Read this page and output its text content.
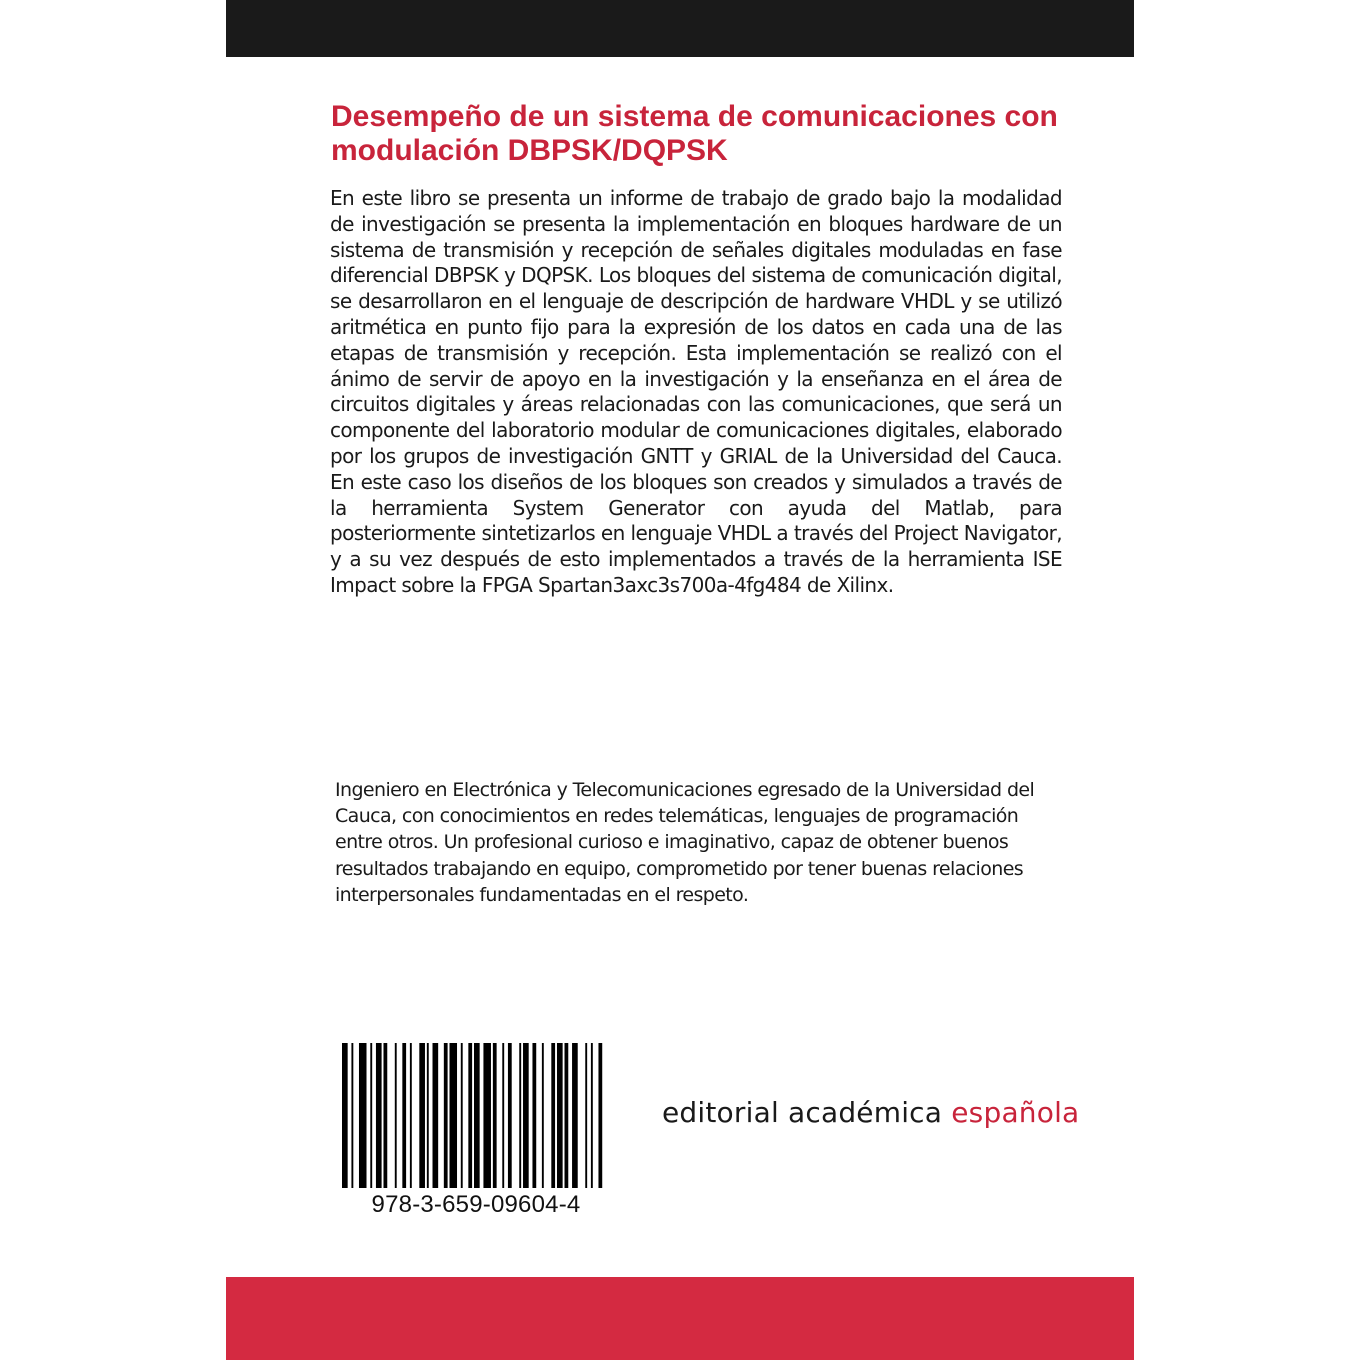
Desempeño de un sistema de comunicaciones con modulación DBPSK/DQPSK

En este libro se presenta un informe de trabajo de grado bajo la modalidad de investigación se presenta la implementación en bloques hardware de un sistema de transmisión y recepción de señales digitales moduladas en fase diferencial DBPSK y DQPSK. Los bloques del sistema de comunicación digital, se desarrollaron en el lenguaje de descripción de hardware VHDL y se utilizó aritmética en punto fijo para la expresión de los datos en cada una de las etapas de transmisión y recepción. Esta implementación se realizó con el ánimo de servir de apoyo en la investigación y la enseñanza en el área de circuitos digitales y áreas relacionadas con las comunicaciones, que será un componente del laboratorio modular de comunicaciones digitales, elaborado por los grupos de investigación GNTT y GRIAL de la Universidad del Cauca. En este caso los diseños de los bloques son creados y simulados a través de la herramienta System Generator con ayuda del Matlab, para posteriormente sintetizarlos en lenguaje VHDL a través del Project Navigator, y a su vez después de esto implementados a través de la herramienta ISE Impact sobre la FPGA Spartan3axc3s700a-4fg484 de Xilinx.

Ingeniero en Electrónica y Telecomunicaciones egresado de la Universidad del Cauca, con conocimientos en redes telemáticas, lenguajes de programación entre otros. Un profesional curioso e imaginativo, capaz de obtener buenos resultados trabajando en equipo, comprometido por tener buenas relaciones interpersonales fundamentadas en el respeto.

978-3-659-09604-4

editorial académica española
